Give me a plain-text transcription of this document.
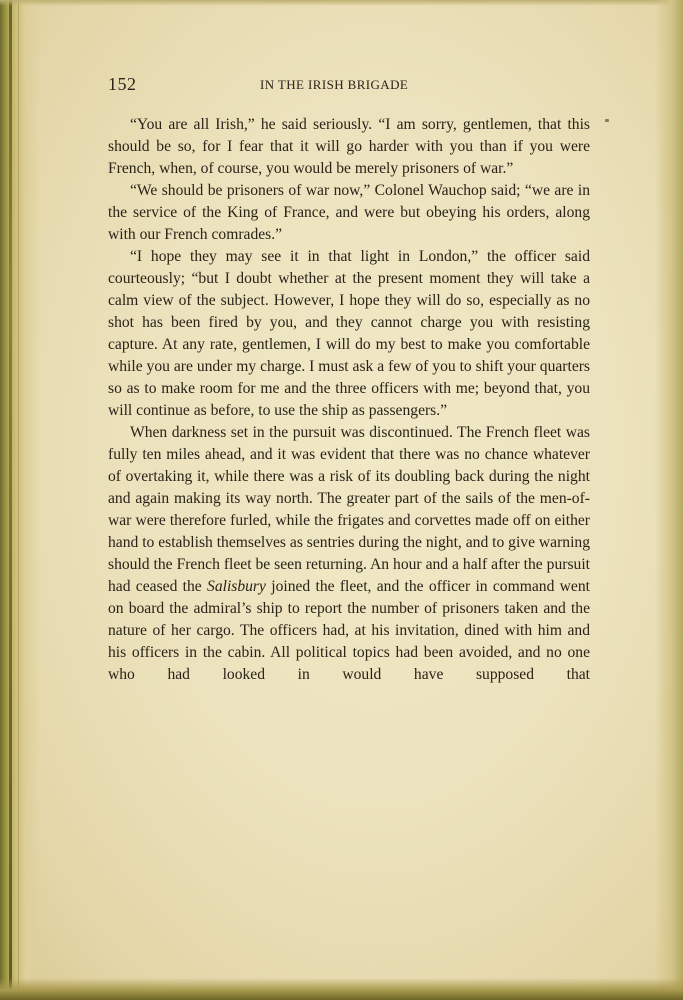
152	IN THE IRISH BRIGADE

“You are all Irish,” he said seriously. “I am sorry, gentlemen, that this should be so, for I fear that it will go harder with you than if you were French, when, of course, you would be merely prisoners of war.”

“We should be prisoners of war now,” Colonel Wauchop said; “we are in the service of the King of France, and were but obeying his orders, along with our French comrades.”

“I hope they may see it in that light in London,” the officer said courteously; “but I doubt whether at the present moment they will take a calm view of the subject. However, I hope they will do so, especially as no shot has been fired by you, and they cannot charge you with resisting capture. At any rate, gentlemen, I will do my best to make you comfortable while you are under my charge. I must ask a few of you to shift your quarters so as to make room for me and the three officers with me; beyond that, you will continue as before, to use the ship as passengers.”

When darkness set in the pursuit was discontinued. The French fleet was fully ten miles ahead, and it was evident that there was no chance whatever of overtaking it, while there was a risk of its doubling back during the night and again making its way north. The greater part of the sails of the men-of-war were therefore furled, while the frigates and corvettes made off on either hand to establish themselves as sentries during the night, and to give warning should the French fleet be seen returning. An hour and a half after the pursuit had ceased the Salisbury joined the fleet, and the officer in command went on board the admiral’s ship to report the number of prisoners taken and the nature of her cargo. The officers had, at his invitation, dined with him and his officers in the cabin. All political topics had been avoided, and no one who had looked in would have supposed that
